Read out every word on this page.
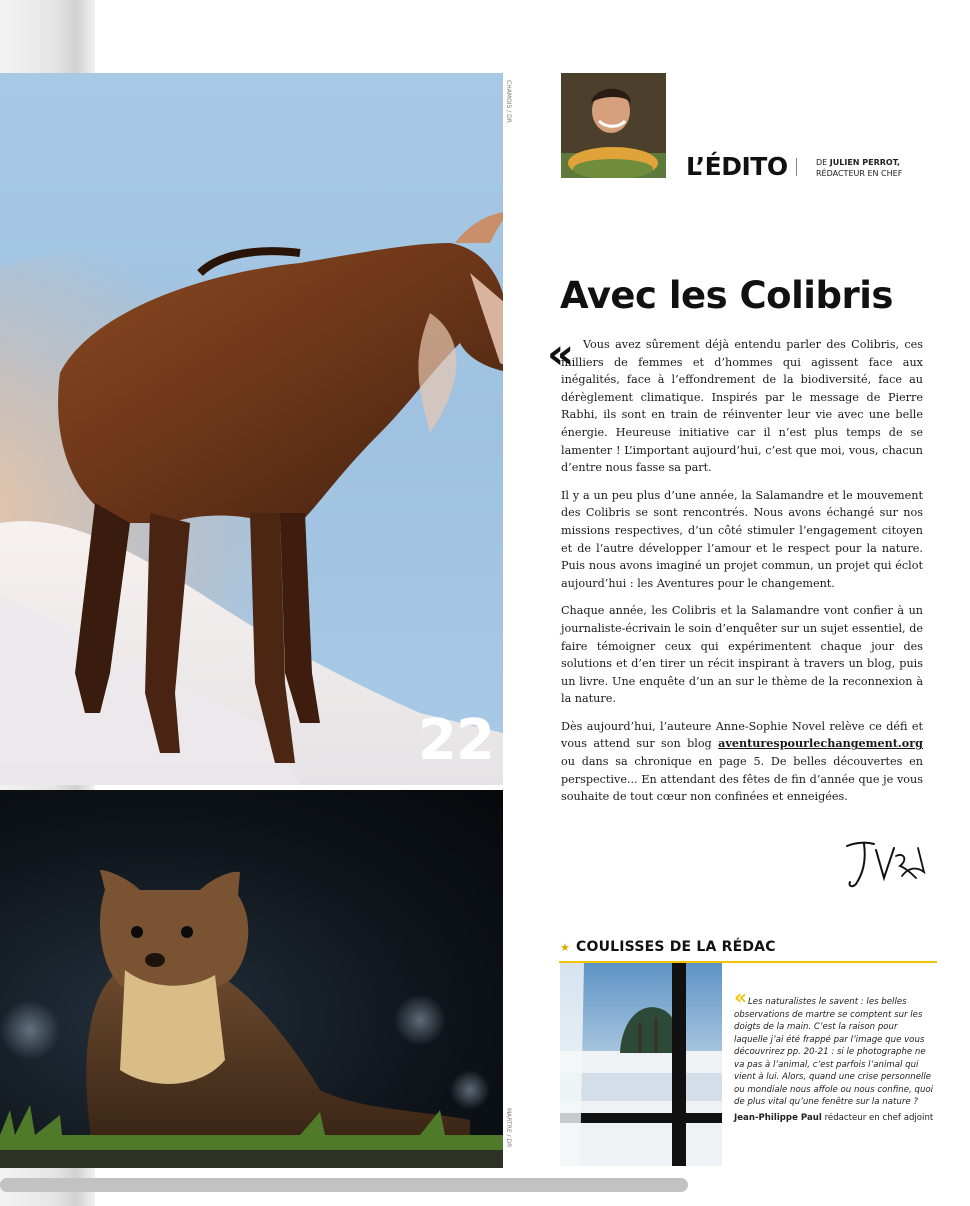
22
CHAMOIS / DR
MARTRE / DR
L’ÉDITO	DE JULIEN PERROT,
RÉDACTEUR EN CHEF
Avec les Colibris
« Vous avez sûrement déjà entendu parler des Colibris, ces milliers de femmes et d’hommes qui agissent face aux inégalités, face à l’effondrement de la biodiversité, face au dérèglement climatique. Inspirés par le message de Pierre Rabhi, ils sont en train de réinventer leur vie avec une belle énergie. Heureuse initiative car il n’est plus temps de se lamenter ! L’important aujourd’hui, c’est que moi, vous, chacun d’entre nous fasse sa part.

Il y a un peu plus d’une année, la Salamandre et le mouvement des Colibris se sont rencontrés. Nous avons échangé sur nos missions respectives, d’un côté stimuler l’engagement citoyen et de l’autre développer l’amour et le respect pour la nature. Puis nous avons imaginé un projet commun, un projet qui éclot aujourd’hui : les Aventures pour le changement.

Chaque année, les Colibris et la Salamandre vont confier à un journaliste-écrivain le soin d’enquêter sur un sujet essentiel, de faire témoigner ceux qui expérimentent chaque jour des solutions et d’en tirer un récit inspirant à travers un blog, puis un livre. Une enquête d’un an sur le thème de la reconnexion à la nature.

Dès aujourd’hui, l’auteure Anne-Sophie Novel relève ce défi et vous attend sur son blog aventurespourlechangement.org ou dans sa chronique en page 5. De belles découvertes en perspective... En attendant des fêtes de fin d’année que je vous souhaite de tout cœur non confinées et enneigées.

★ COULISSES DE LA RÉDAC
« Les naturalistes le savent : les belles observations de martre se comptent sur les doigts de la main. C’est la raison pour laquelle j’ai été frappé par l’image que vous découvrirez pp. 20-21 : si le photographe ne va pas à l’animal, c’est parfois l’animal qui vient à lui. Alors, quand une crise personnelle ou mondiale nous affole ou nous confine, quoi de plus vital qu’une fenêtre sur la nature ?
Jean-Philippe Paul rédacteur en chef adjoint
